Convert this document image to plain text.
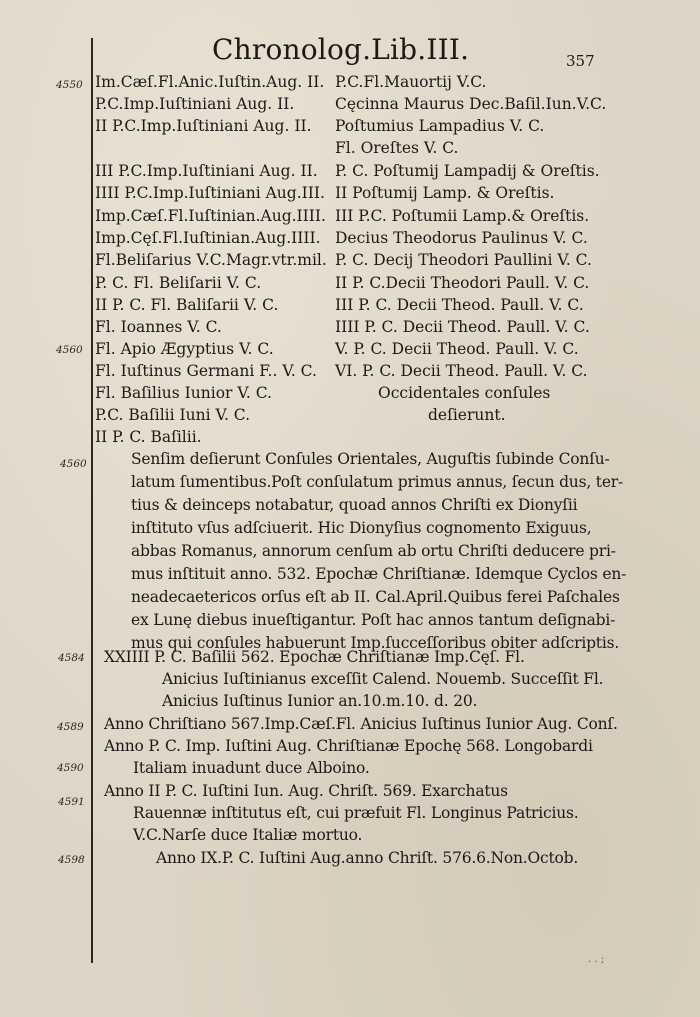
Chronolog.Lib.III.	357
4550
4560
4560
4584
4589
4590
4591
4598
Im.Cæſ.Fl.Anic.Iuſtin.Aug. II.
P.C.Imp.Iuſtiniani Aug. II.
II P.C.Imp.Iuſtiniani Aug. II.
III P.C.Imp.Iuſtiniani Aug. II.
IIII P.C.Imp.Iuſtiniani Aug.III.
Imp.Cæſ.Fl.Iuſtinian.Aug.IIII.
Imp.Cęſ.Fl.Iuſtinian.Aug.IIII.
Fl.Beliſarius V.C.Magr.vtr.mil.
P. C. Fl. Beliſarii V. C.
II P. C. Fl. Baliſarii V. C.
Fl. Ioannes V. C.
Fl. Apio Ægyptius V. C.
Fl. Iuſtinus Germani F.. V. C.
Fl. Baſilius Iunior V. C.
P.C. Baſilii Iuni V. C.
II P. C. Baſilii.
P.C.Fl.Mauortij V.C.
Cęcinna Maurus Dec.Baſil.Iun.V.C.
Poſtumius Lampadius V. C.
Fl. Oreſtes V. C.
P. C. Poſtumij Lampadij & Oreſtis.
II Poſtumij Lamp. & Oreſtis.
III P.C. Poſtumii Lamp.& Oreſtis.
Decius Theodorus Paulinus V. C.
P. C. Decij Theodori Paullini V. C.
II P. C.Decii Theodori Paull. V. C.
III P. C. Decii Theod. Paull. V. C.
IIII P. C. Decii Theod. Paull. V. C.
V. P. C. Decii Theod. Paull. V. C.
VI. P. C. Decii Theod. Paull. V. C.
Occidentales conſules
deſierunt.
Senſim deſierunt Conſules Orientales, Auguſtis ſubinde Conſu-
latum ſumentibus.Poſt conſulatum primus annus, ſecun dus, ter-
tius & deinceps notabatur, quoad annos Chriſti ex Dionyſii
inſtituto vſus adſciuerit. Hic Dionyſius cognomento Exiguus,
abbas Romanus, annorum cenſum ab ortu Chriſti deducere pri-
mus inſtituit anno. 532. Epochæ Chriſtianæ. Idemque Cyclos en-
neadecaetericos orſus eſt ab II. Cal.April.Quibus ferei Paſchales
ex Lunę diebus inueſtigantur. Poſt hac annos tantum deſignabi-
mus qui conſules habuerunt Imp.ſucceſſoribus obiter adſcriptis.
XXIIII P. C. Baſilii 562. Epochæ Chriſtianæ Imp.Cęſ. Fl.
Anicius Iuſtinianus exceſſit Calend. Nouemb. Succeſſit Fl.
Anicius Iuſtinus Iunior an.10.m.10. d. 20.
Anno Chriſtiano 567.Imp.Cæſ.Fl. Anicius Iuſtinus Iunior Aug. Conſ.
Anno P. C. Imp. Iuſtini Aug. Chriſtianæ Epochę 568. Longobardi
Italiam inuadunt duce Alboino.
Anno II P. C. Iuſtini Iun. Aug. Chriſt. 569. Exarchatus
Rauennæ inſtitutus eſt, cui præfuit Fl. Longinus Patricius.
V.C.Narſe duce Italiæ mortuo.
Anno IX.P. C. Iuſtini Aug.anno Chriſt. 576.6.Non.Octob.
. . ;
